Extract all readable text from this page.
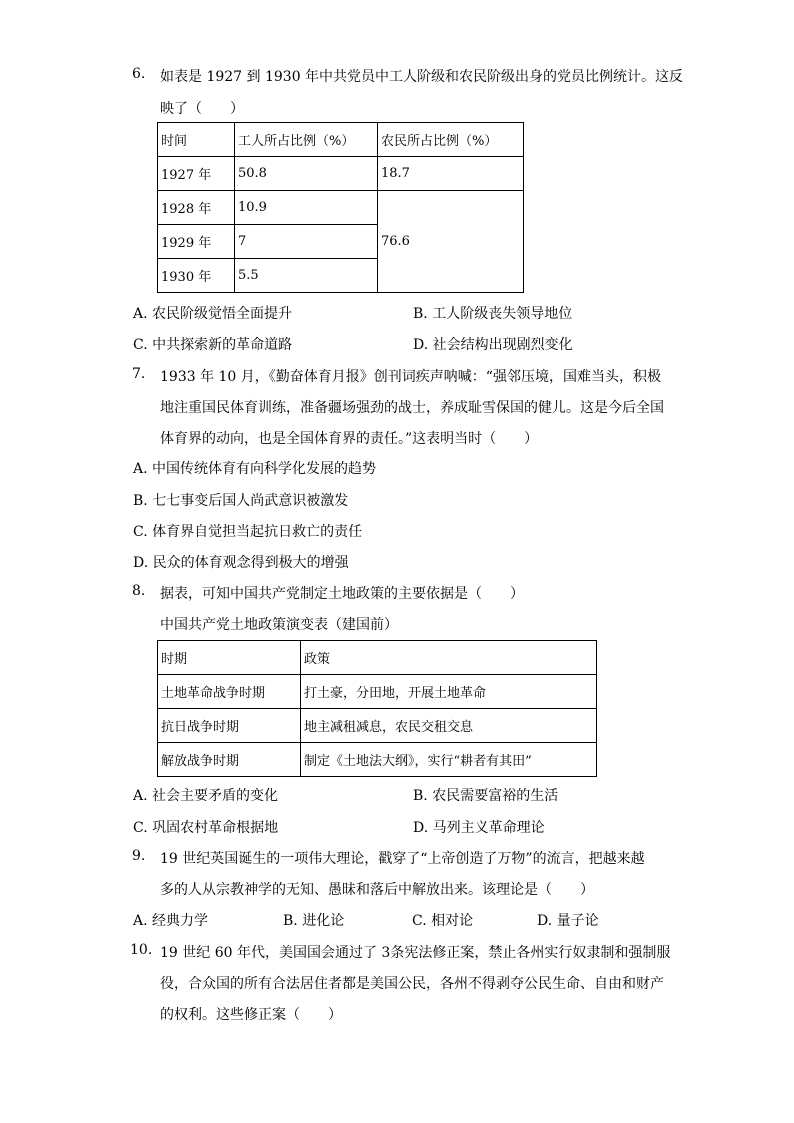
6.	如表是 1927 到 1930 年中共党员中工人阶级和农民阶级出身的党员比例统计。这反
映了（　　）
时间	工人所占比例（%）	农民所占比例（%）
1927 年	50.8	18.7
1928 年	10.9	76.6
1929 年	7	
1930 年	5.5	
A. 农民阶级觉悟全面提升	B. 工人阶级丧失领导地位
C. 中共探索新的革命道路	D. 社会结构出现剧烈变化
7.	1933 年 10 月，《勤奋体育月报》创刊词疾声呐喊：“强邻压境，国难当头，积极
地注重国民体育训练，准备疆场强劲的战士，养成耻雪保国的健儿。这是今后全国
体育界的动向，也是全国体育界的责任。”这表明当时（　　）
A. 中国传统体育有向科学化发展的趋势
B. 七七事变后国人尚武意识被激发
C. 体育界自觉担当起抗日救亡的责任
D. 民众的体育观念得到极大的增强
8.	据表，可知中国共产党制定土地政策的主要依据是（　　）
中国共产党土地政策演变表（建国前）
时期	政策
土地革命战争时期	打土豪，分田地，开展土地革命
抗日战争时期	地主减租减息，农民交租交息
解放战争时期	制定《土地法大纲》，实行“耕者有其田”
A. 社会主要矛盾的变化	B. 农民需要富裕的生活
C. 巩固农村革命根据地	D. 马列主义革命理论
9.	19 世纪英国诞生的一项伟大理论，戳穿了“上帝创造了万物”的流言，把越来越
多的人从宗教神学的无知、愚昧和落后中解放出来。该理论是（　　）
A. 经典力学	B. 进化论	C. 相对论	D. 量子论
10. 19 世纪 60 年代，美国国会通过了 3条宪法修正案，禁止各州实行奴隶制和强制服
役，合众国的所有合法居住者都是美国公民，各州不得剥夺公民生命、自由和财产
的权利。这些修正案（　　）
